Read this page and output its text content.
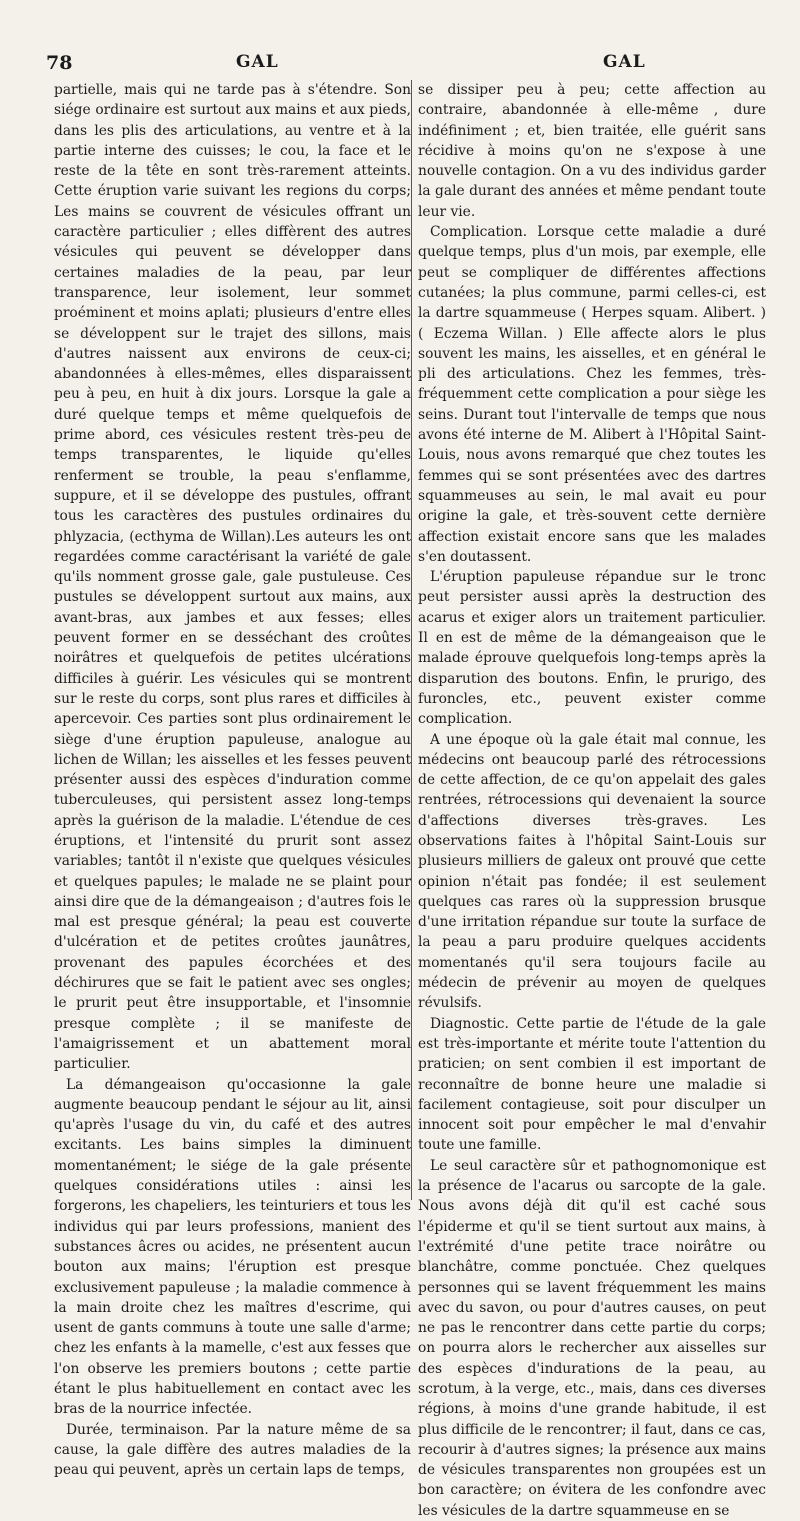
78	GAL	GAL

partielle, mais qui ne tarde pas à s'étendre. Son siége ordinaire est surtout aux mains et aux pieds, dans les plis des articulations, au ventre et à la partie interne des cuisses; le cou, la face et le reste de la tête en sont très-rarement atteints. Cette éruption varie suivant les regions du corps; Les mains se couvrent de vésicules offrant un caractère particulier ; elles diffèrent des autres vésicules qui peuvent se développer dans certaines maladies de la peau, par leur transparence, leur isolement, leur sommet proéminent et moins aplati; plusieurs d'entre elles se développent sur le trajet des sillons, mais d'autres naissent aux environs de ceux-ci; abandonnées à elles-mêmes, elles disparaissent peu à peu, en huit à dix jours. Lorsque la gale a duré quelque temps et même quelquefois de prime abord, ces vésicules restent très-peu de temps transparentes, le liquide qu'elles renferment se trouble, la peau s'enflamme, suppure, et il se développe des pustules, offrant tous les caractères des pustules ordinaires du phlyzacia, (ecthyma de Willan).Les auteurs les ont regardées comme caractérisant la variété de gale qu'ils nomment grosse gale, gale pustuleuse. Ces pustules se développent surtout aux mains, aux avant-bras, aux jambes et aux fesses; elles peuvent former en se desséchant des croûtes noirâtres et quelquefois de petites ulcérations difficiles à guérir. Les vésicules qui se montrent sur le reste du corps, sont plus rares et difficiles à apercevoir. Ces parties sont plus ordinairement le siège d'une éruption papuleuse, analogue au lichen de Willan; les aisselles et les fesses peuvent présenter aussi des espèces d'induration comme tuberculeuses, qui persistent assez long-temps après la guérison de la maladie. L'étendue de ces éruptions, et l'intensité du prurit sont assez variables; tantôt il n'existe que quelques vésicules et quelques papules; le malade ne se plaint pour ainsi dire que de la démangeaison ; d'autres fois le mal est presque général; la peau est couverte d'ulcération et de petites croûtes jaunâtres, provenant des papules écorchées et des déchirures que se fait le patient avec ses ongles; le prurit peut être insupportable, et l'insomnie presque complète ; il se manifeste de l'amaigrissement et un abattement moral particulier.

La démangeaison qu'occasionne la gale augmente beaucoup pendant le séjour au lit, ainsi qu'après l'usage du vin, du café et des autres excitants. Les bains simples la diminuent momentanément; le siége de la gale présente quelques considérations utiles : ainsi les forgerons, les chapeliers, les teinturiers et tous les individus qui par leurs professions, manient des substances âcres ou acides, ne présentent aucun bouton aux mains; l'éruption est presque exclusivement papuleuse ; la maladie commence à la main droite chez les maîtres d'escrime, qui usent de gants communs à toute une salle d'arme; chez les enfants à la mamelle, c'est aux fesses que l'on observe les premiers boutons ; cette partie étant le plus habituellement en contact avec les bras de la nourrice infectée.

Durée, terminaison. Par la nature même de sa cause, la gale diffère des autres maladies de la peau qui peuvent, après un certain laps de temps,

se dissiper peu à peu; cette affection au contraire, abandonnée à elle-même , dure indéfiniment ; et, bien traitée, elle guérit sans récidive à moins qu'on ne s'expose à une nouvelle contagion. On a vu des individus garder la gale durant des années et même pendant toute leur vie.

Complication. Lorsque cette maladie a duré quelque temps, plus d'un mois, par exemple, elle peut se compliquer de différentes affections cutanées; la plus commune, parmi celles-ci, est la dartre squammeuse ( Herpes squam. Alibert. ) ( Eczema Willan. ) Elle affecte alors le plus souvent les mains, les aisselles, et en général le pli des articulations. Chez les femmes, très-fréquemment cette complication a pour siège les seins. Durant tout l'intervalle de temps que nous avons été interne de M. Alibert à l'Hôpital Saint-Louis, nous avons remarqué que chez toutes les femmes qui se sont présentées avec des dartres squammeuses au sein, le mal avait eu pour origine la gale, et très-souvent cette dernière affection existait encore sans que les malades s'en doutassent.

L'éruption papuleuse répandue sur le tronc peut persister aussi après la destruction des acarus et exiger alors un traitement particulier. Il en est de même de la démangeaison que le malade éprouve quelquefois long-temps après la disparution des boutons. Enfin, le prurigo, des furoncles, etc., peuvent exister comme complication.

A une époque où la gale était mal connue, les médecins ont beaucoup parlé des rétrocessions de cette affection, de ce qu'on appelait des gales rentrées, rétrocessions qui devenaient la source d'affections diverses très-graves. Les observations faites à l'hôpital Saint-Louis sur plusieurs milliers de galeux ont prouvé que cette opinion n'était pas fondée; il est seulement quelques cas rares où la suppression brusque d'une irritation répandue sur toute la surface de la peau a paru produire quelques accidents momentanés qu'il sera toujours facile au médecin de prévenir au moyen de quelques révulsifs.

Diagnostic. Cette partie de l'étude de la gale est très-importante et mérite toute l'attention du praticien; on sent combien il est important de reconnaître de bonne heure une maladie si facilement contagieuse, soit pour disculper un innocent soit pour empêcher le mal d'envahir toute une famille.

Le seul caractère sûr et pathognomonique est la présence de l'acarus ou sarcopte de la gale. Nous avons déjà dit qu'il est caché sous l'épiderme et qu'il se tient surtout aux mains, à l'extrémité d'une petite trace noirâtre ou blanchâtre, comme ponctuée. Chez quelques personnes qui se lavent fréquemment les mains avec du savon, ou pour d'autres causes, on peut ne pas le rencontrer dans cette partie du corps; on pourra alors le rechercher aux aisselles sur des espèces d'indurations de la peau, au scrotum, à la verge, etc., mais, dans ces diverses régions, à moins d'une grande habitude, il est plus difficile de le rencontrer; il faut, dans ce cas, recourir à d'autres signes; la présence aux mains de vésicules transparentes non groupées est un bon caractère; on évitera de les confondre avec les vésicules de la dartre squammeuse en se
